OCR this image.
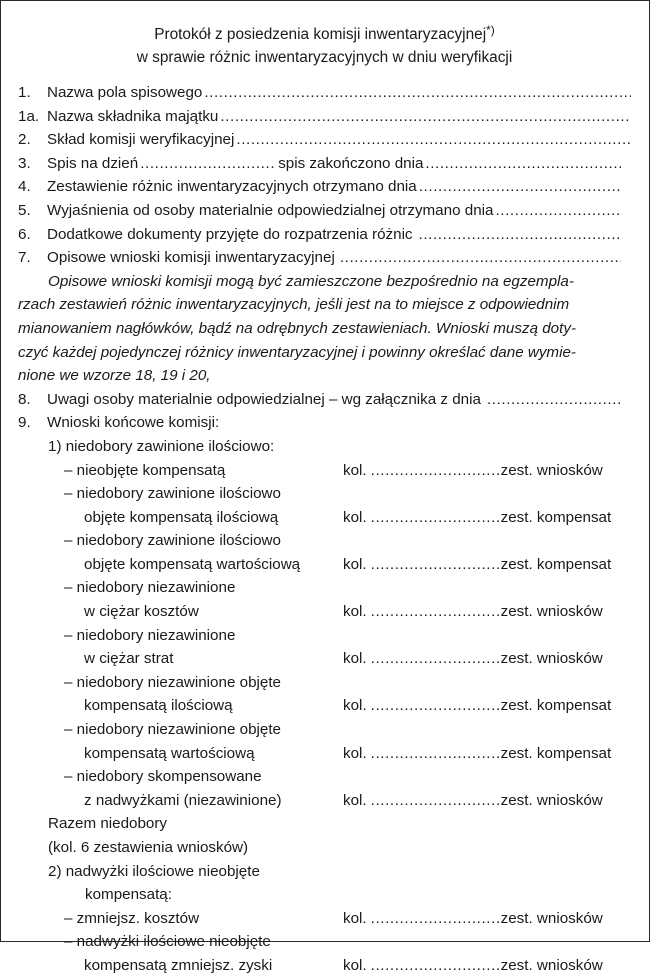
Protokół z posiedzenia komisji inwentaryzacyjnej*)
w sprawie różnic inwentaryzacyjnych w dniu weryfikacji
1.	Nazwa pola spisowego
.....
1a. Nazwa składnika majątku
.....
2.	Skład komisji weryfikacyjnej
.....
3.	Spis na dzień .....	spis zakończono dnia
.....
4.	Zestawienie różnic inwentaryzacyjnych otrzymano dnia
.....
5.	Wyjaśnienia od osoby materialnie odpowiedzialnej otrzymano dnia
.....
6.	Dodatkowe dokumenty przyjęte do rozpatrzenia różnic
.....
7.	Opisowe wnioski komisji inwentaryzacyjnej
.....
Opisowe wnioski komisji mogą być zamieszczone bezpośrednio na egzempla-
rzach zestawień różnic inwentaryzacyjnych, jeśli jest na to miejsce z odpowiednim
mianowaniem nagłówków, bądź na odrębnych zestawieniach. Wnioski muszą doty-
czyć każdej pojedynczej różnicy inwentaryzacyjnej i powinny określać dane wymie-
nione we wzorze 18, 19 i 20,
8.	Uwagi osoby materialnie odpowiedzialnej – wg załącznika z dnia
.....
9.	Wnioski końcowe komisji:
1) niedobory zawinione ilościowo:
– nieobjęte kompensatą	kol. .....	zest. wniosków
– niedobory zawinione ilościowo
objęte kompensatą ilościową	kol. .....	zest. kompensat
– niedobory zawinione ilościowo
objęte kompensatą wartościową	kol. .....	zest. kompensat
– niedobory niezawinione
w ciężar kosztów	kol. .....	zest. wniosków
– niedobory niezawinione
w ciężar strat	kol. .....	zest. wniosków
– niedobory niezawinione objęte
kompensatą ilościową	kol. .....	zest. kompensat
– niedobory niezawinione objęte
kompensatą wartościową	kol. .....	zest. kompensat
– niedobory skompensowane
z nadwyżkami (niezawinione)	kol. .....	zest. wniosków
Razem niedobory
(kol. 6 zestawienia wniosków)
2) nadwyżki ilościowe nieobjęte
kompensatą:
– zmniejsz. kosztów	kol. .....	zest. wniosków
– nadwyżki ilościowe nieobjęte
kompensatą zmniejsz. zyski	kol. .....	zest. wniosków
